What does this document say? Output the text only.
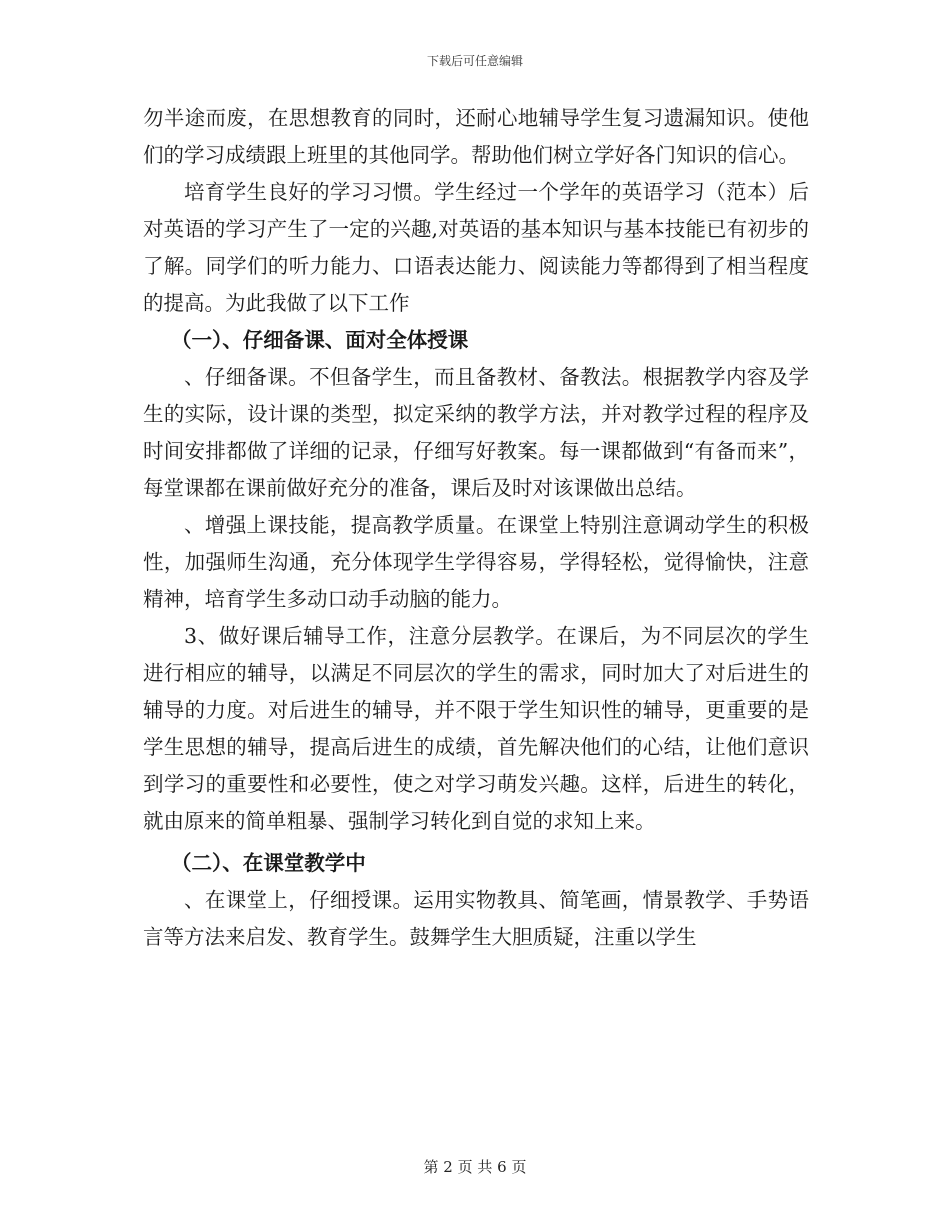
下载后可任意编辑

勿半途而废，在思想教育的同时，还耐心地辅导学生复习遗漏知识。使他们的学习成绩跟上班里的其他同学。帮助他们树立学好各门知识的信心。

培育学生良好的学习习惯。学生经过一个学年的英语学习（范本）后对英语的学习产生了一定的兴趣,对英语的基本知识与基本技能已有初步的了解。同学们的听力能力、口语表达能力、阅读能力等都得到了相当程度的提高。为此我做了以下工作

（一）、仔细备课、面对全体授课

、仔细备课。不但备学生，而且备教材、备教法。根据教学内容及学生的实际，设计课的类型，拟定采纳的教学方法，并对教学过程的程序及时间安排都做了详细的记录，仔细写好教案。每一课都做到“有备而来”，每堂课都在课前做好充分的准备，课后及时对该课做出总结。

、增强上课技能，提高教学质量。在课堂上特别注意调动学生的积极性，加强师生沟通，充分体现学生学得容易，学得轻松，觉得愉快，注意精神，培育学生多动口动手动脑的能力。

3、做好课后辅导工作，注意分层教学。在课后，为不同层次的学生进行相应的辅导，以满足不同层次的学生的需求，同时加大了对后进生的辅导的力度。对后进生的辅导，并不限于学生知识性的辅导，更重要的是学生思想的辅导，提高后进生的成绩，首先解决他们的心结，让他们意识到学习的重要性和必要性，使之对学习萌发兴趣。这样，后进生的转化，就由原来的简单粗暴、强制学习转化到自觉的求知上来。

（二）、在课堂教学中

、在课堂上，仔细授课。运用实物教具、简笔画，情景教学、手势语言等方法来启发、教育学生。鼓舞学生大胆质疑，注重以学生

第 2 页 共 6 页
